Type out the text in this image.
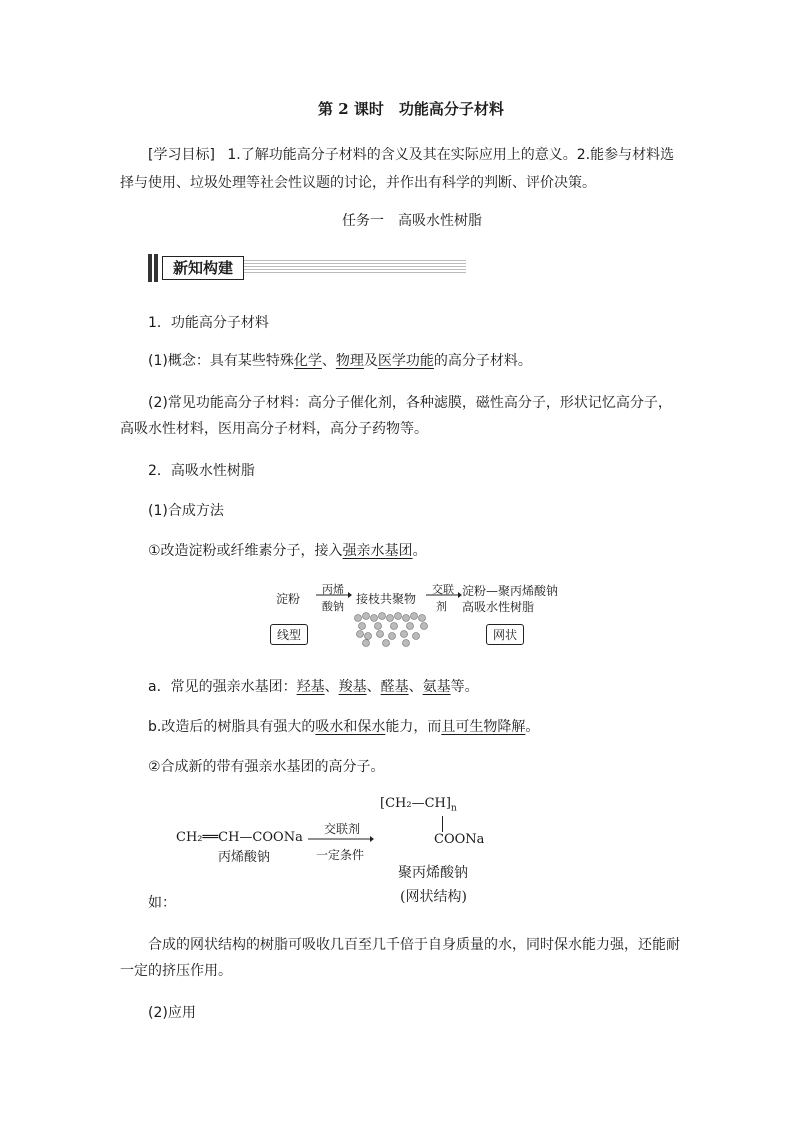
第 2 课时　功能高分子材料
[学习目标] 1.了解功能高分子材料的含义及其在实际应用上的意义。2.能参与材料选
择与使用、垃圾处理等社会性议题的讨论，并作出有科学的判断、评价决策。
任务一　高吸水性树脂
新知构建
1．功能高分子材料
(1)概念：具有某些特殊化学、物理及医学功能的高分子材料。
(2)常见功能高分子材料：高分子催化剂，各种滤膜，磁性高分子，形状记忆高分子，
高吸水性材料，医用高分子材料，高分子药物等。
2．高吸水性树脂
(1)合成方法
①改造淀粉或纤维素分子，接入强亲水基团。
淀粉
丙烯
酸钠
接枝共聚物
交联
剂
淀粉—聚丙烯酸钠
高吸水性树脂
线型	网状
a．常见的强亲水基团：羟基、羧基、醛基、氨基等。
b.改造后的树脂具有强大的吸水和保水能力，而且可生物降解。
②合成新的带有强亲水基团的高分子。
$[CH_2—CH]_n$
COONa
CH₂══CH—COONa
丙烯酸钠
交联剂
一定条件
聚丙烯酸钠
(网状结构)
如：
合成的网状结构的树脂可吸收几百至几千倍于自身质量的水，同时保水能力强，还能耐
一定的挤压作用。
(2)应用
